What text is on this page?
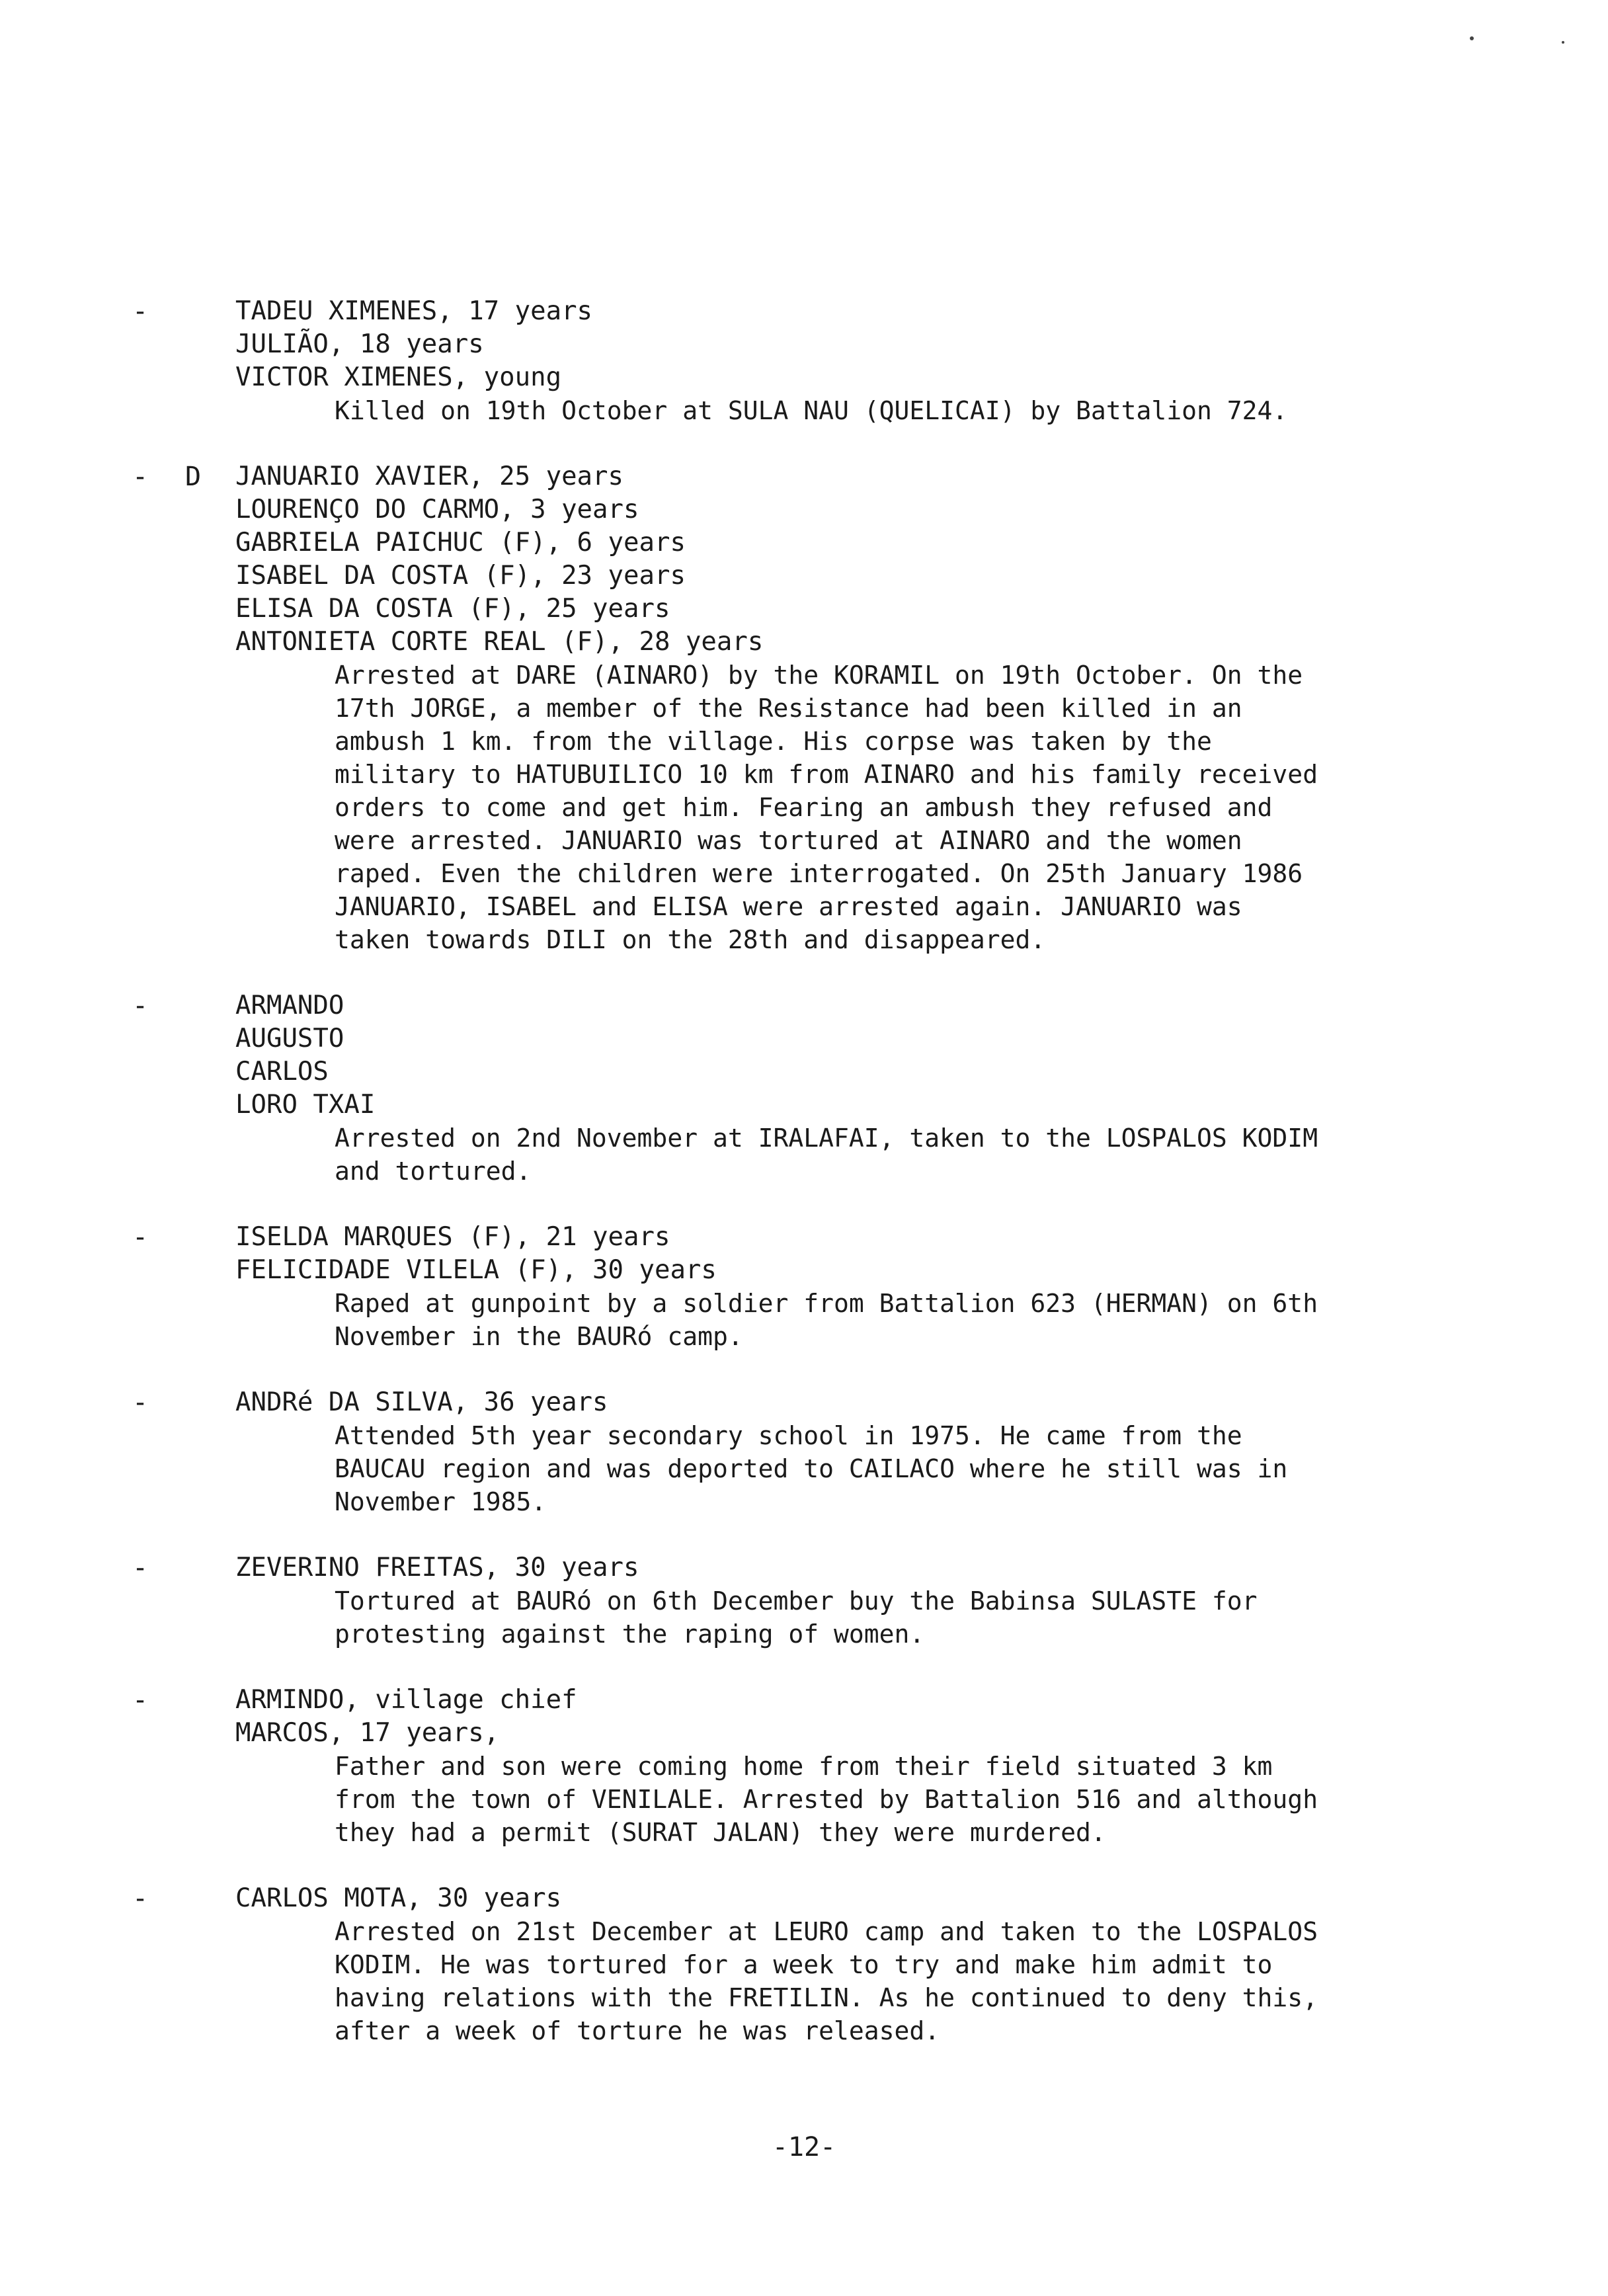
-	TADEU XIMENES, 17 years
JULIÃO, 18 years
VICTOR XIMENES, young
Killed on 19th October at SULA NAU (QUELICAI) by Battalion 724.
- D JANUARIO XAVIER, 25 years
LOURENÇO DO CARMO, 3 years
GABRIELA PAICHUC (F), 6 years
ISABEL DA COSTA (F), 23 years
ELISA DA COSTA (F), 25 years
ANTONIETA CORTE REAL (F), 28 years
Arrested at DARE (AINARO) by the KORAMIL on 19th October. On the
17th JORGE, a member of the Resistance had been killed in an
ambush 1 km. from the village. His corpse was taken by the
military to HATUBUILICO 10 km from AINARO and his family received
orders to come and get him. Fearing an ambush they refused and
were arrested. JANUARIO was tortured at AINARO and the women
raped. Even the children were interrogated. On 25th January 1986
JANUARIO, ISABEL and ELISA were arrested again. JANUARIO was
taken towards DILI on the 28th and disappeared.
-	ARMANDO
AUGUSTO
CARLOS
LORO TXAI
Arrested on 2nd November at IRALAFAI, taken to the LOSPALOS KODIM
and tortured.
-	ISELDA MARQUES (F), 21 years
FELICIDADE VILELA (F), 30 years
Raped at gunpoint by a soldier from Battalion 623 (HERMAN) on 6th
November in the BAURó camp.
-	ANDRé DA SILVA, 36 years
Attended 5th year secondary school in 1975. He came from the
BAUCAU region and was deported to CAILACO where he still was in
November 1985.
-	ZEVERINO FREITAS, 30 years
Tortured at BAURó on 6th December buy the Babinsa SULASTE for
protesting against the raping of women.
-	ARMINDO, village chief
MARCOS, 17 years,
Father and son were coming home from their field situated 3 km
from the town of VENILALE. Arrested by Battalion 516 and although
they had a permit (SURAT JALAN) they were murdered.
-	CARLOS MOTA, 30 years
Arrested on 21st December at LEURO camp and taken to the LOSPALOS
KODIM. He was tortured for a week to try and make him admit to
having relations with the FRETILIN. As he continued to deny this,
after a week of torture he was released.
-12-
